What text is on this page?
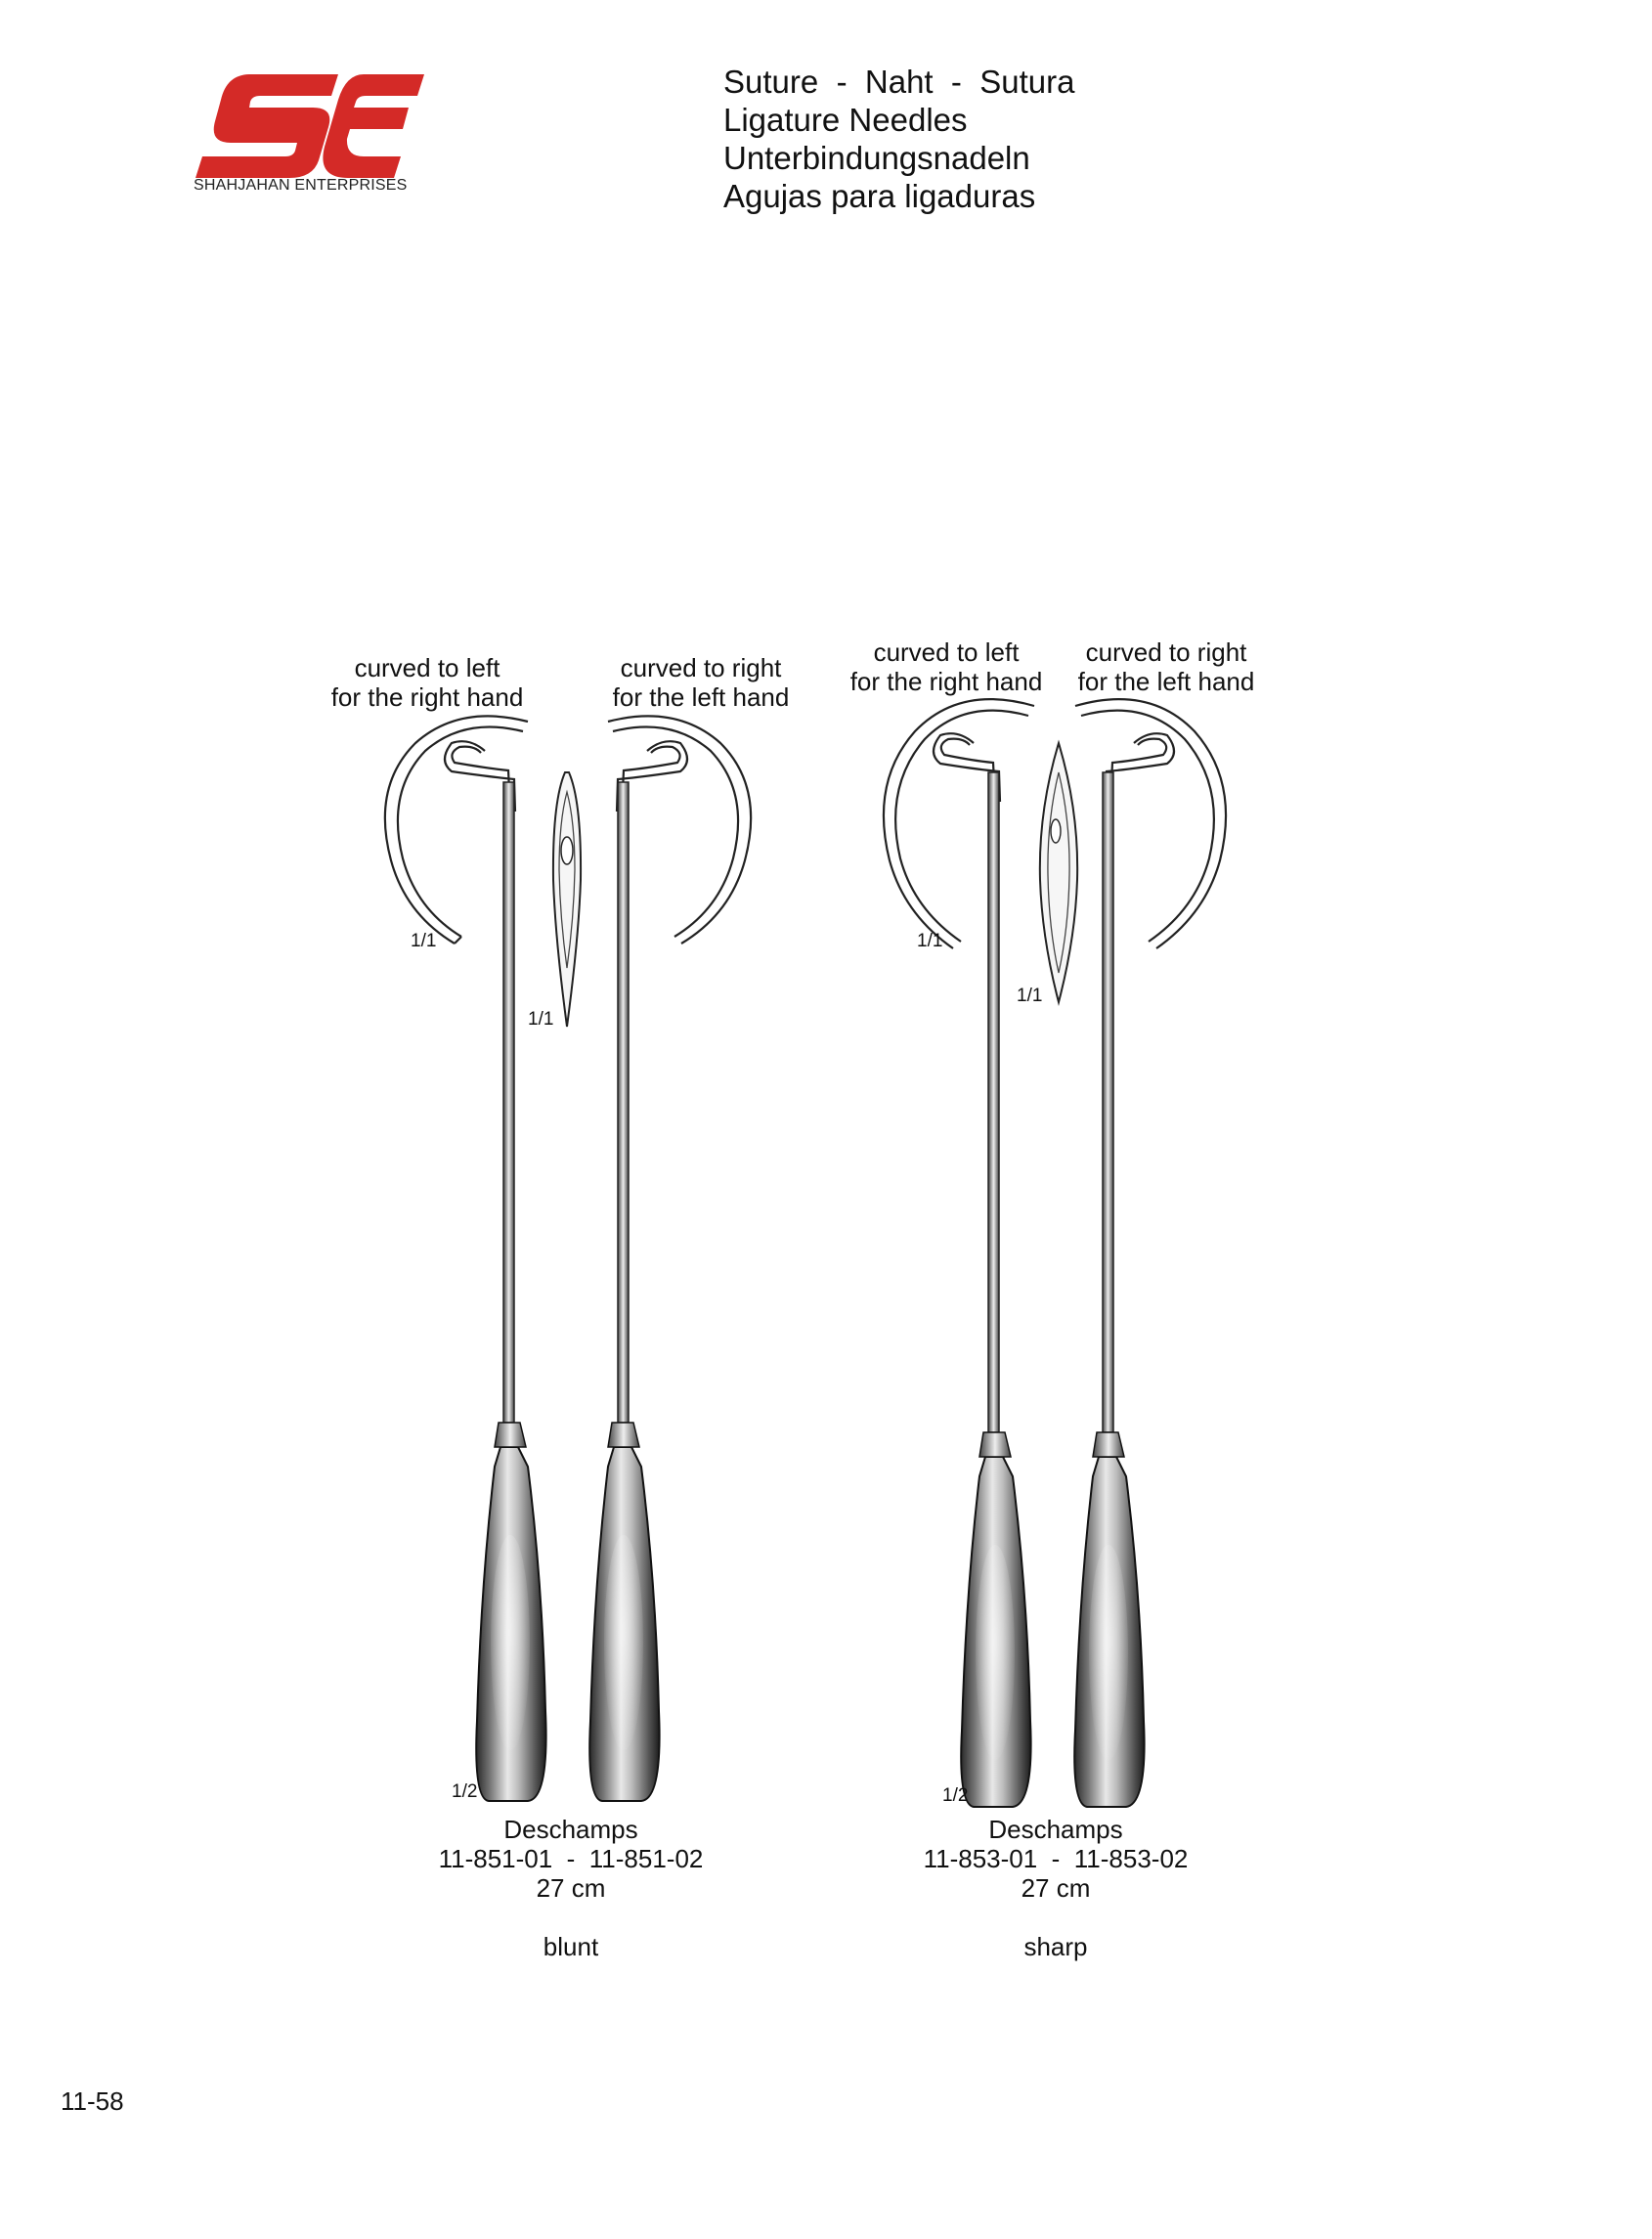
SHAHJAHAN ENTERPRISES
Suture  -  Naht  -  Sutura
Ligature Needles
Unterbindungsnadeln
Agujas para ligaduras
curved to left
for the right hand
curved to right
for the left hand
1/1
1/1
1/2
curved to left
for the right hand
curved to right
for the left hand
1/1
1/1
1/2
Deschamps
11-851-01  -  11-851-02
27 cm
blunt
Deschamps
11-853-01  -  11-853-02
27 cm
sharp
11-58
